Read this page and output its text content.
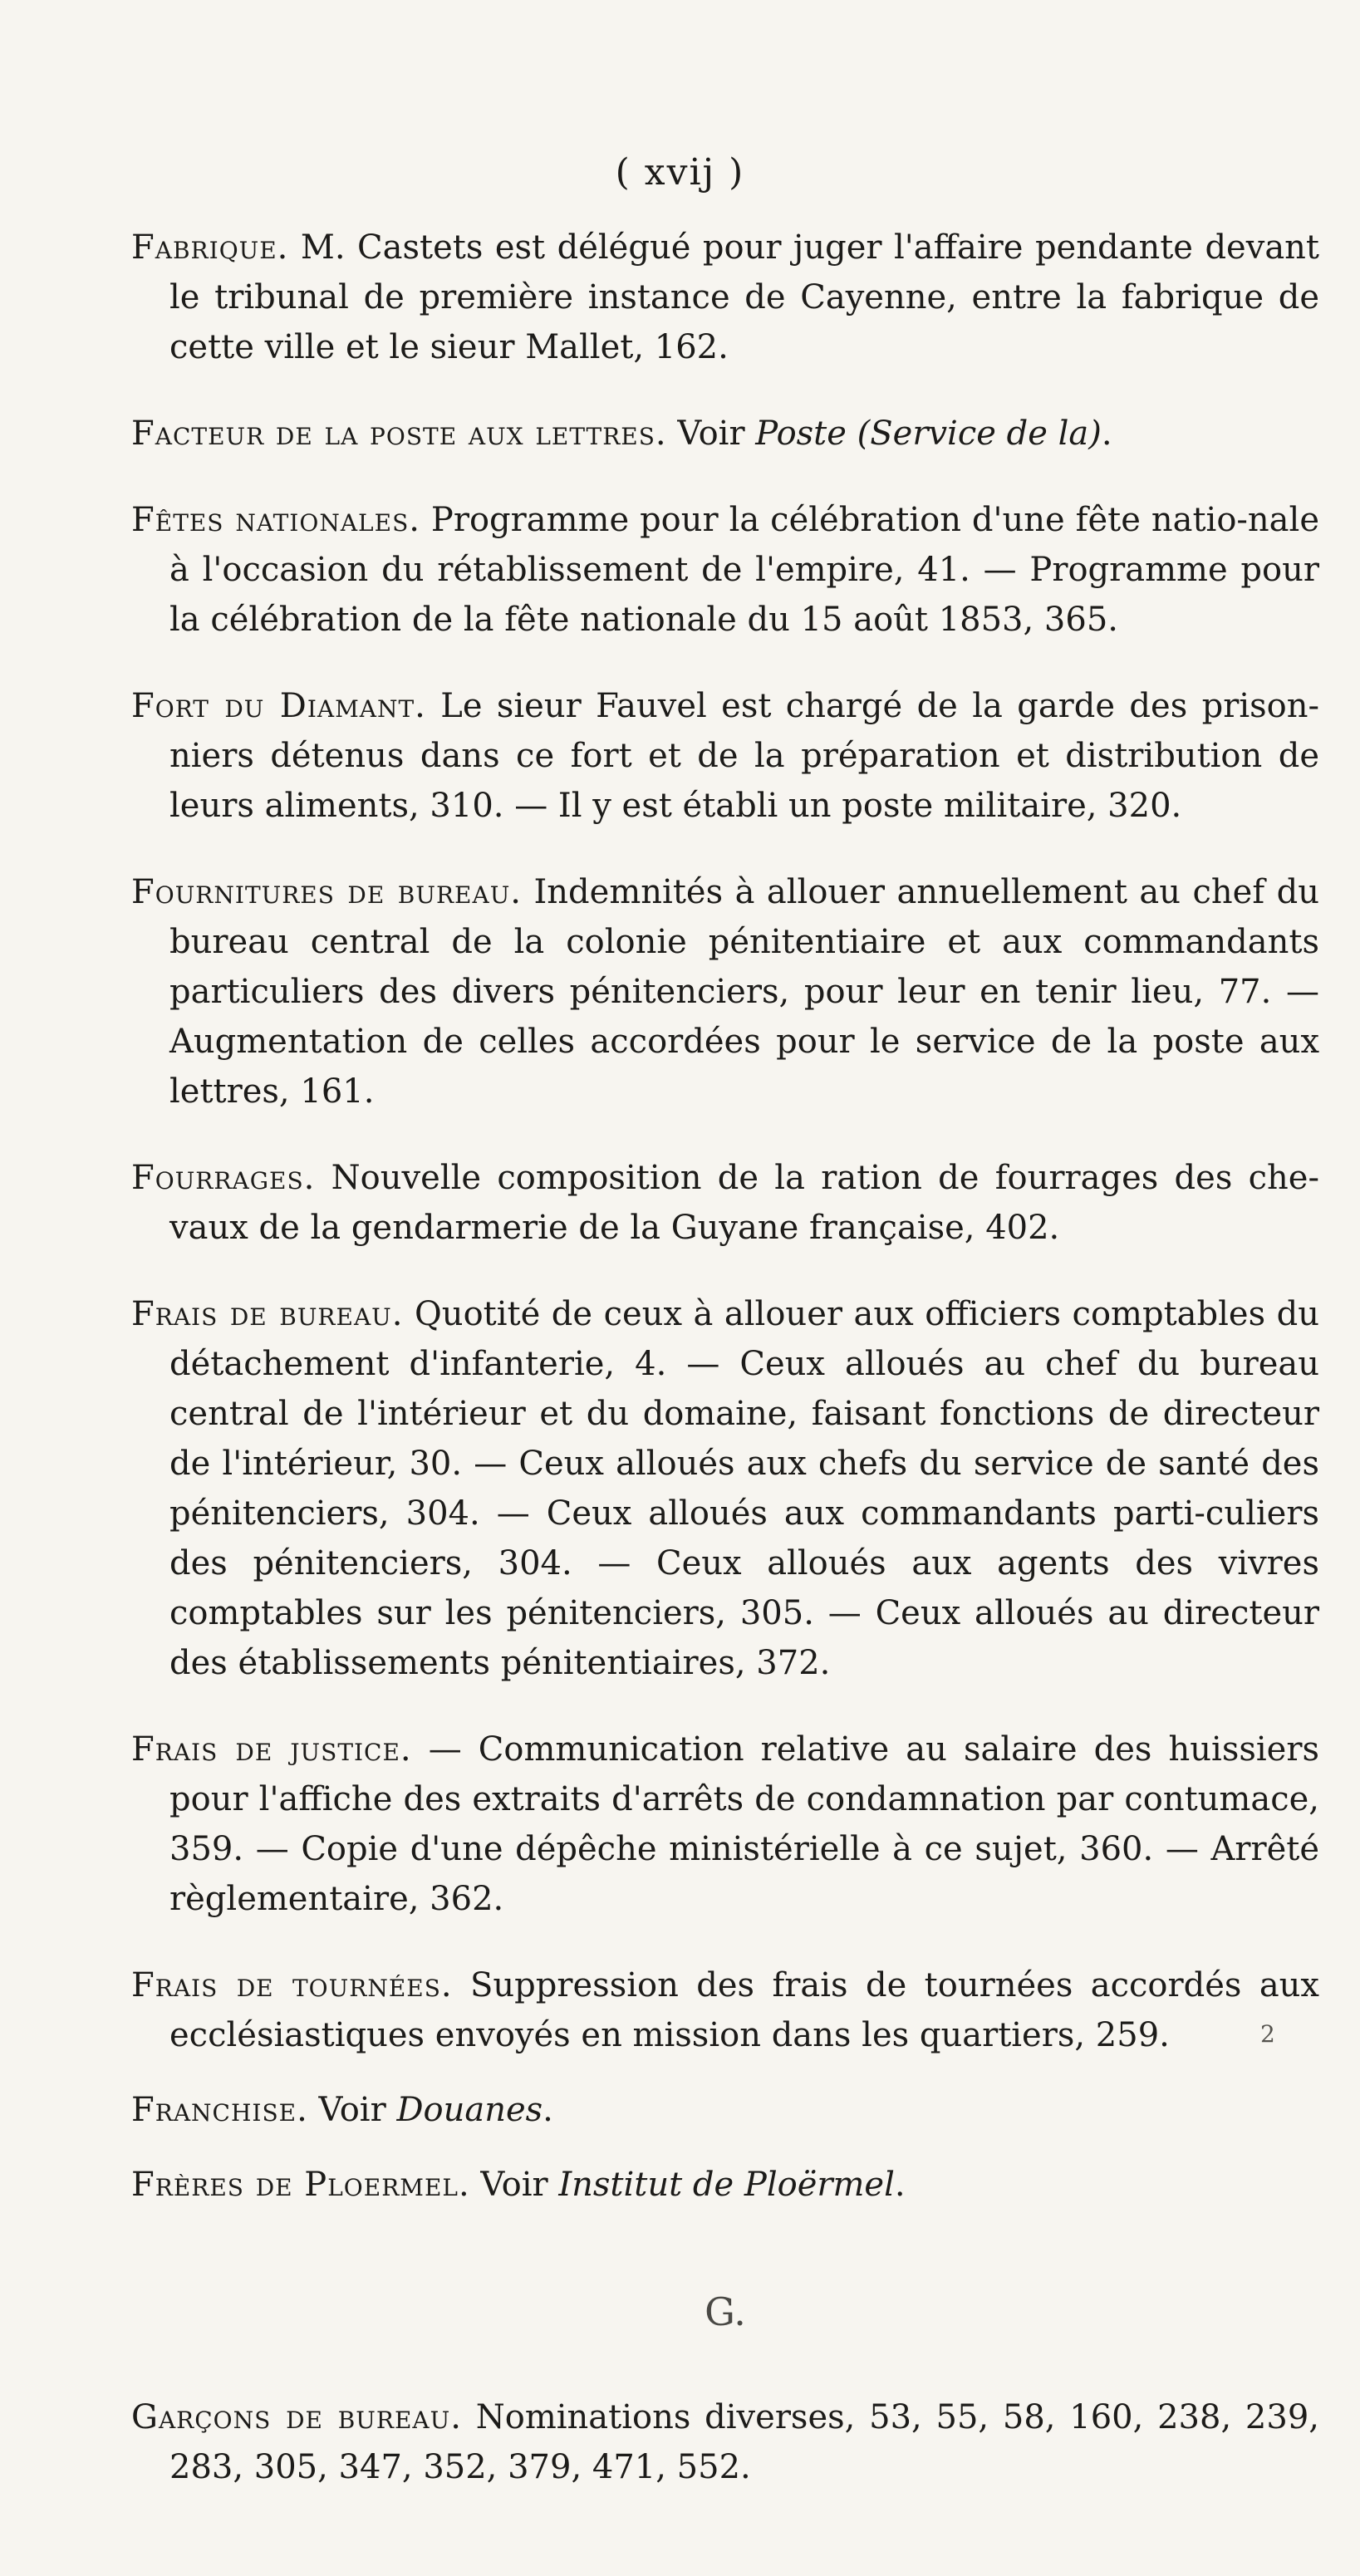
( xvij )

Fabrique. M. Castets est délégué pour juger l'affaire pendante devant le tribunal de première instance de Cayenne, entre la fabrique de cette ville et le sieur Mallet, 162.

Facteur de la poste aux lettres. Voir Poste (Service de la).

Fêtes nationales. Programme pour la célébration d'une fête natio-nale à l'occasion du rétablissement de l'empire, 41. — Programme pour la célébration de la fête nationale du 15 août 1853, 365.

Fort du Diamant. Le sieur Fauvel est chargé de la garde des prison-niers détenus dans ce fort et de la préparation et distribution de leurs aliments, 310. — Il y est établi un poste militaire, 320.

Fournitures de bureau. Indemnités à allouer annuellement au chef du bureau central de la colonie pénitentiaire et aux commandants particuliers des divers pénitenciers, pour leur en tenir lieu, 77. —Augmentation de celles accordées pour le service de la poste aux lettres, 161.

Fourrages. Nouvelle composition de la ration de fourrages des che-vaux de la gendarmerie de la Guyane française, 402.

Frais de bureau. Quotité de ceux à allouer aux officiers comptables du détachement d'infanterie, 4. — Ceux alloués au chef du bureau central de l'intérieur et du domaine, faisant fonctions de directeur de l'intérieur, 30. — Ceux alloués aux chefs du service de santé des pénitenciers, 304. — Ceux alloués aux commandants parti-culiers des pénitenciers, 304. — Ceux alloués aux agents des vivres comptables sur les pénitenciers, 305. — Ceux alloués au directeur des établissements pénitentiaires, 372.

Frais de justice. — Communication relative au salaire des huissiers pour l'affiche des extraits d'arrêts de condamnation par contumace, 359. — Copie d'une dépêche ministérielle à ce sujet, 360. — Arrêté règlementaire, 362.

Frais de tournées. Suppression des frais de tournées accordés aux ecclésiastiques envoyés en mission dans les quartiers, 259.

Franchise. Voir Douanes.

Frères de Ploermel. Voir Institut de Ploërmel.

G.

Garçons de bureau. Nominations diverses, 53, 55, 58, 160, 238, 239, 283, 305, 347, 352, 379, 471, 552.

2
